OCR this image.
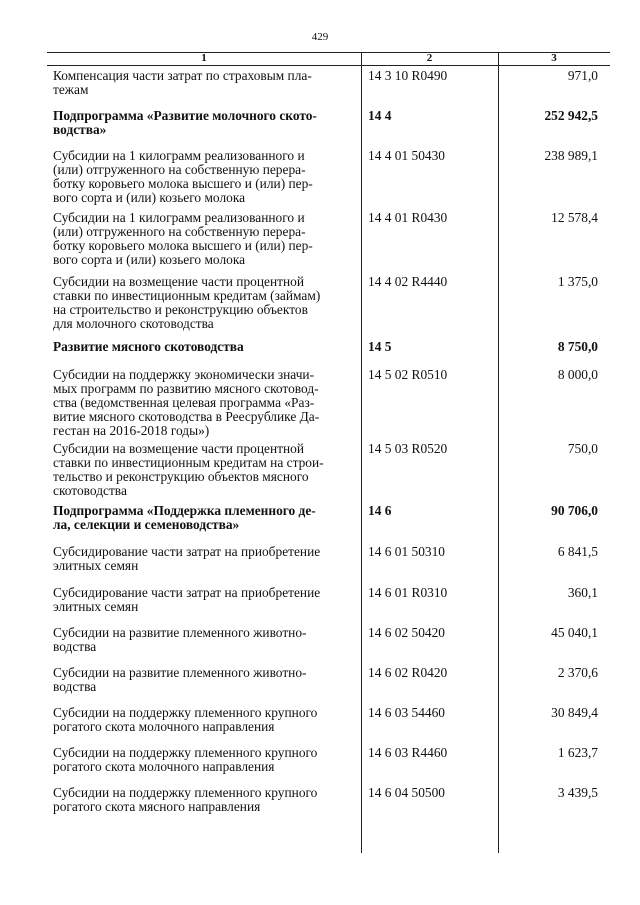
429
1	2	3
Компенсация части затрат по страховым пла-
тежам
14 3 10 R0490	971,0
Подпрограмма «Развитие молочного ското-
водства»
14 4	252 942,5
Субсидии на 1 килограмм реализованного и
(или) отгруженного на собственную перера-
ботку коровьего молока высшего и (или) пер-
вого сорта и (или) козьего молока
14 4 01 50430	238 989,1
Субсидии на 1 килограмм реализованного и
(или) отгруженного на собственную перера-
ботку коровьего молока высшего и (или) пер-
вого сорта и (или) козьего молока
14 4 01 R0430	12 578,4
Субсидии на возмещение части процентной
ставки по инвестиционным кредитам (займам)
на строительство и реконструкцию объектов
для молочного скотоводства
14 4 02 R4440	1 375,0
Развитие мясного скотоводства	14 5	8 750,0
Субсидии на поддержку экономически значи-
мых программ по развитию мясного скотовод-
ства (ведомственная целевая программа «Раз-
витие мясного скотоводства в Реесрублике Да-
гестан на 2016-2018 годы»)
14 5 02 R0510	8 000,0
Субсидии на возмещение части процентной
ставки по инвестиционным кредитам на строи-
тельство и реконструкцию объектов мясного
скотоводства
14 5 03 R0520	750,0
Подпрограмма «Поддержка племенного де-
ла, селекции и семеноводства»
14 6	90 706,0
Субсидирование части затрат на приобретение
элитных семян
14 6 01 50310	6 841,5
Субсидирование части затрат на приобретение
элитных семян
14 6 01 R0310	360,1
Субсидии на развитие племенного животно-
водства
14 6 02 50420	45 040,1
Субсидии на развитие племенного животно-
водства
14 6 02 R0420	2 370,6
Субсидии на поддержку племенного крупного
рогатого скота молочного направления
14 6 03 54460	30 849,4
Субсидии на поддержку племенного крупного
рогатого скота молочного направления
14 6 03 R4460	1 623,7
Субсидии на поддержку племенного крупного
рогатого скота мясного направления
14 6 04 50500	3 439,5
